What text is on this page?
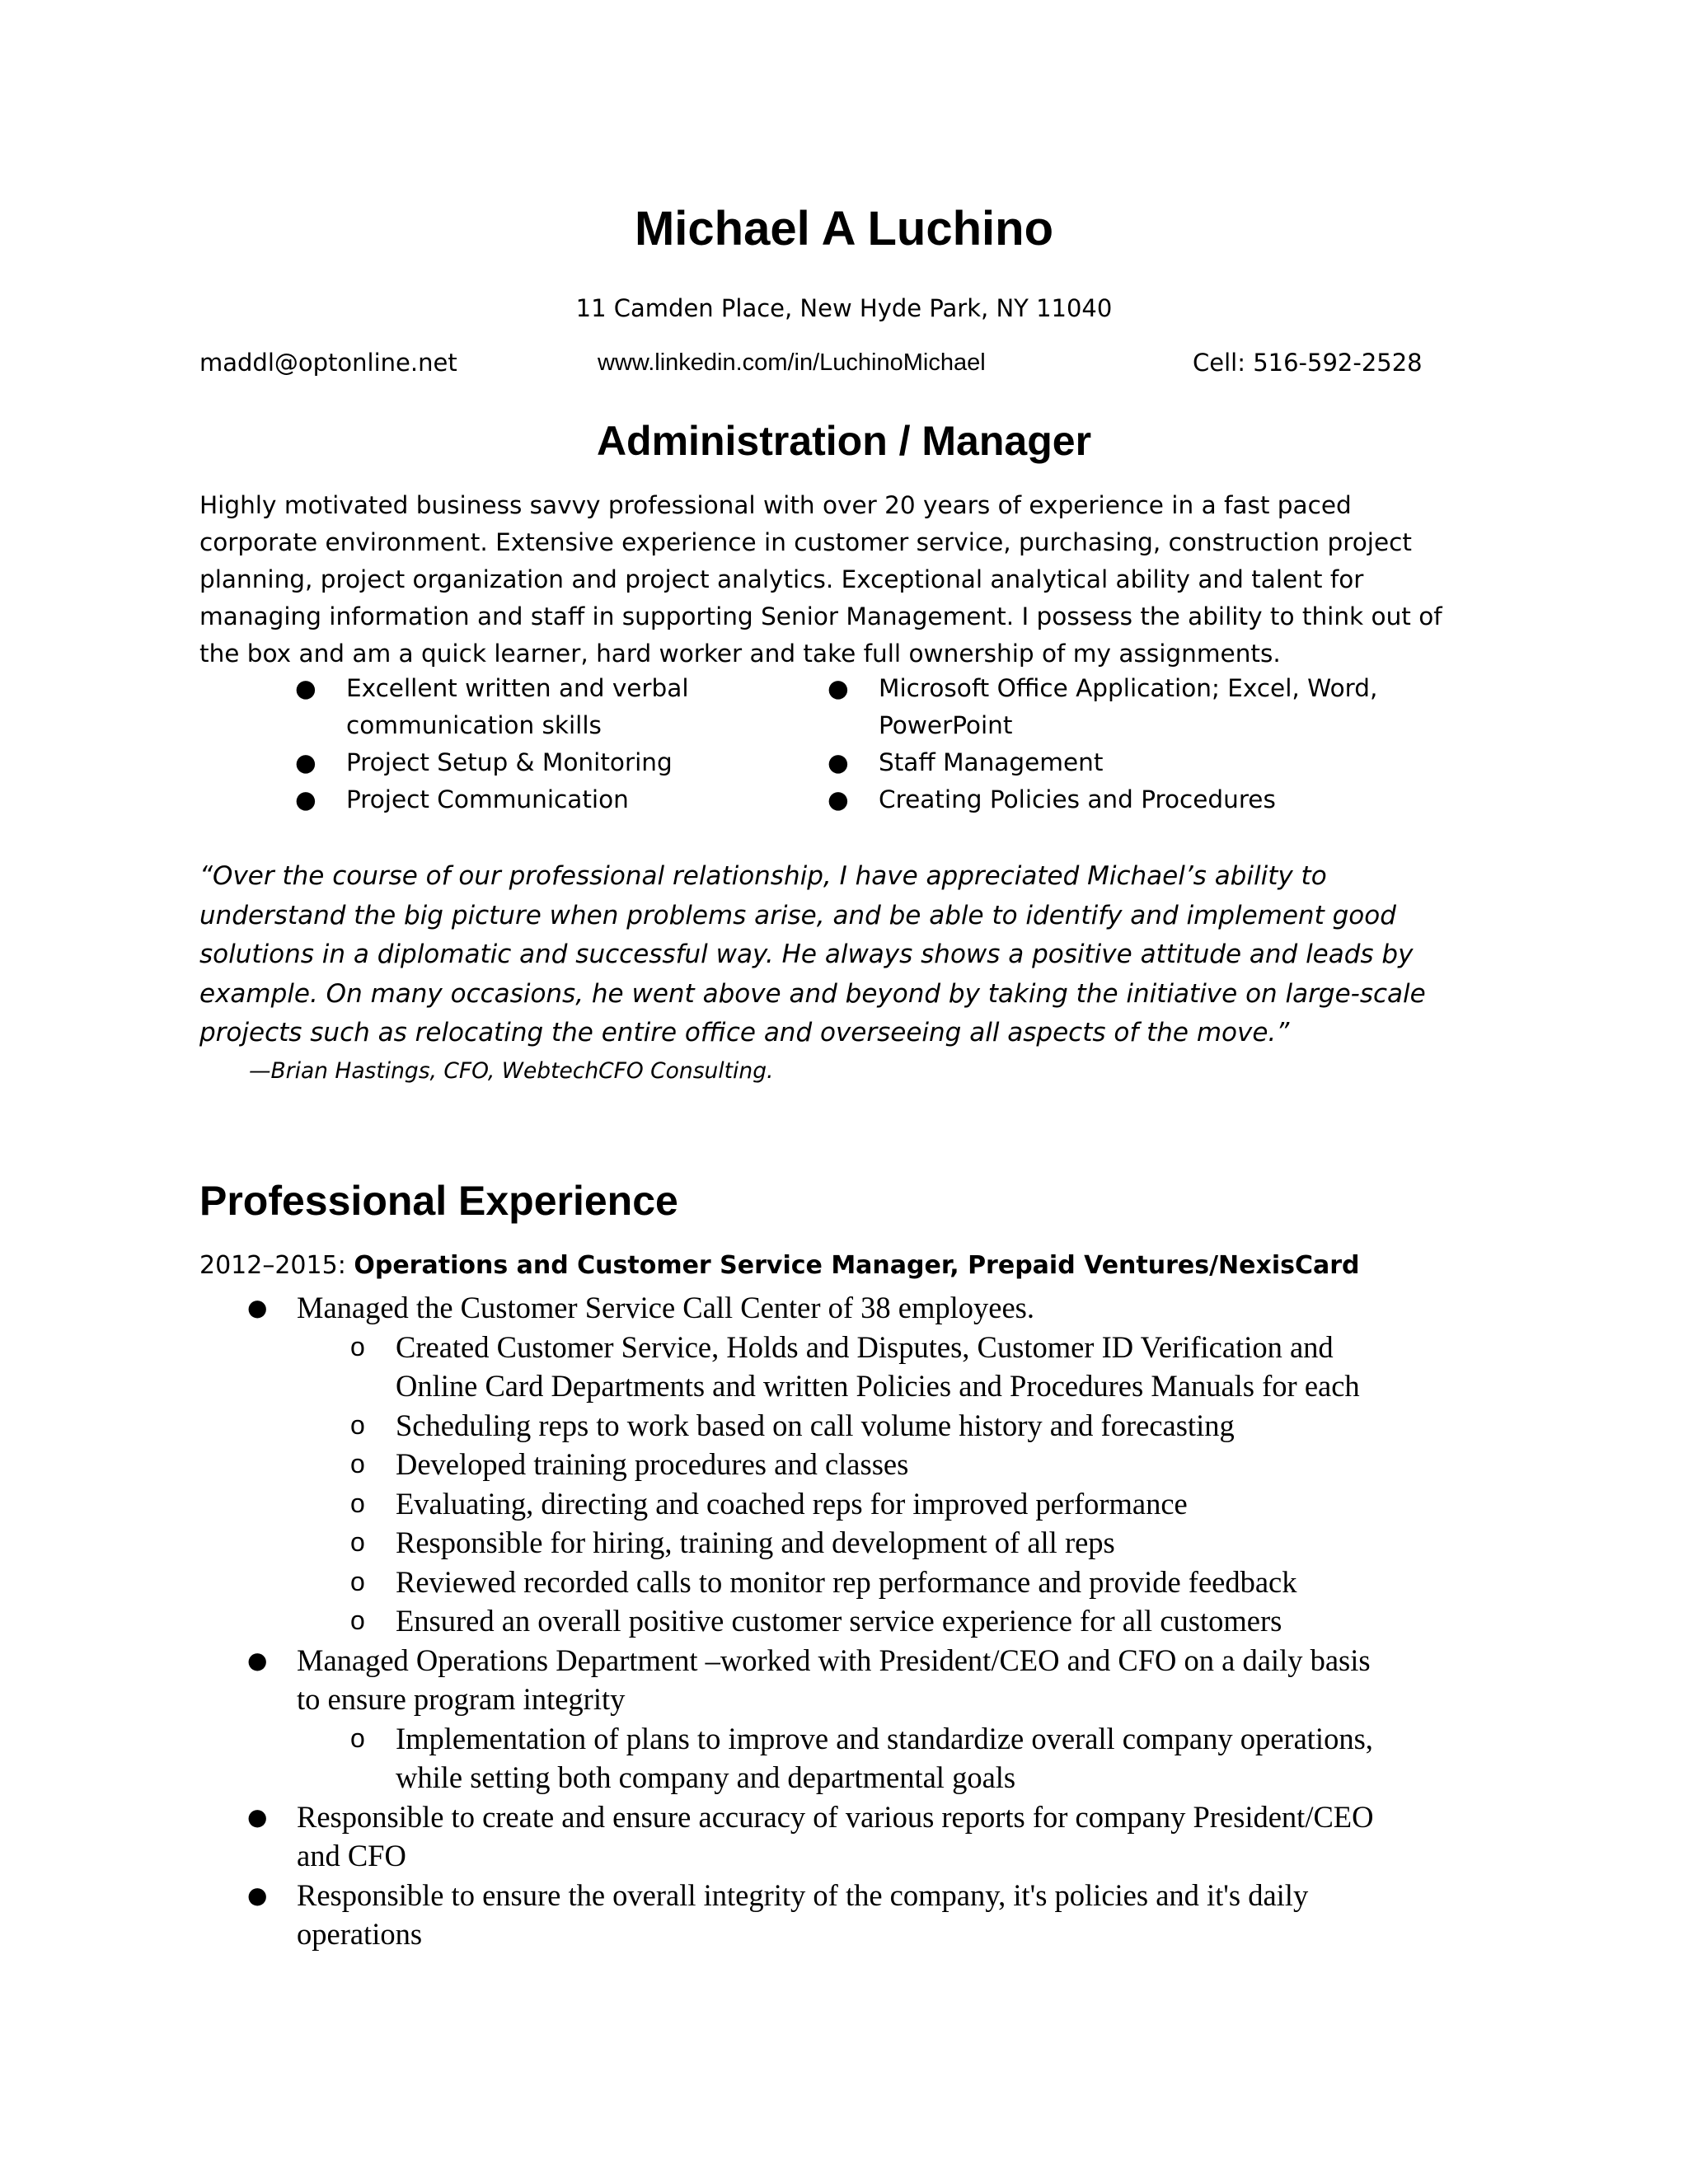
Michael A Luchino
11 Camden Place, New Hyde Park, NY 11040
maddl@optonline.net	www.linkedin.com/in/LuchinoMichael	Cell: 516-592-2528
Administration / Manager
Highly motivated business savvy professional with over 20 years of experience in a fast paced
corporate environment. Extensive experience in customer service, purchasing, construction project
planning, project organization and project analytics. Exceptional analytical ability and talent for
managing information and staff in supporting Senior Management. I possess the ability to think out of
the box and am a quick learner, hard worker and take full ownership of my assignments.
● Excellent written and verbal
communication skills
● Project Setup & Monitoring
● Project Communication
● Microsoft Office Application; Excel, Word,
PowerPoint
● Staff Management
● Creating Policies and Procedures
“Over the course of our professional relationship, I have appreciated Michael’s ability to
understand the big picture when problems arise, and be able to identify and implement good
solutions in a diplomatic and successful way. He always shows a positive attitude and leads by
example. On many occasions, he went above and beyond by taking the initiative on large-scale
projects such as relocating the entire office and overseeing all aspects of the move.”
—Brian Hastings, CFO, WebtechCFO Consulting.
Professional Experience
2012–2015: Operations and Customer Service Manager, Prepaid Ventures/NexisCard
● Managed the Customer Service Call Center of 38 employees.
o Created Customer Service, Holds and Disputes, Customer ID Verification and
Online Card Departments and written Policies and Procedures Manuals for each
o Scheduling reps to work based on call volume history and forecasting
o Developed training procedures and classes
o Evaluating, directing and coached reps for improved performance
o Responsible for hiring, training and development of all reps
o Reviewed recorded calls to monitor rep performance and provide feedback
o Ensured an overall positive customer service experience for all customers
● Managed Operations Department –worked with President/CEO and CFO on a daily basis
to ensure program integrity
o Implementation of plans to improve and standardize overall company operations,
while setting both company and departmental goals
● Responsible to create and ensure accuracy of various reports for company President/CEO
and CFO
● Responsible to ensure the overall integrity of the company, it's policies and it's daily
operations
